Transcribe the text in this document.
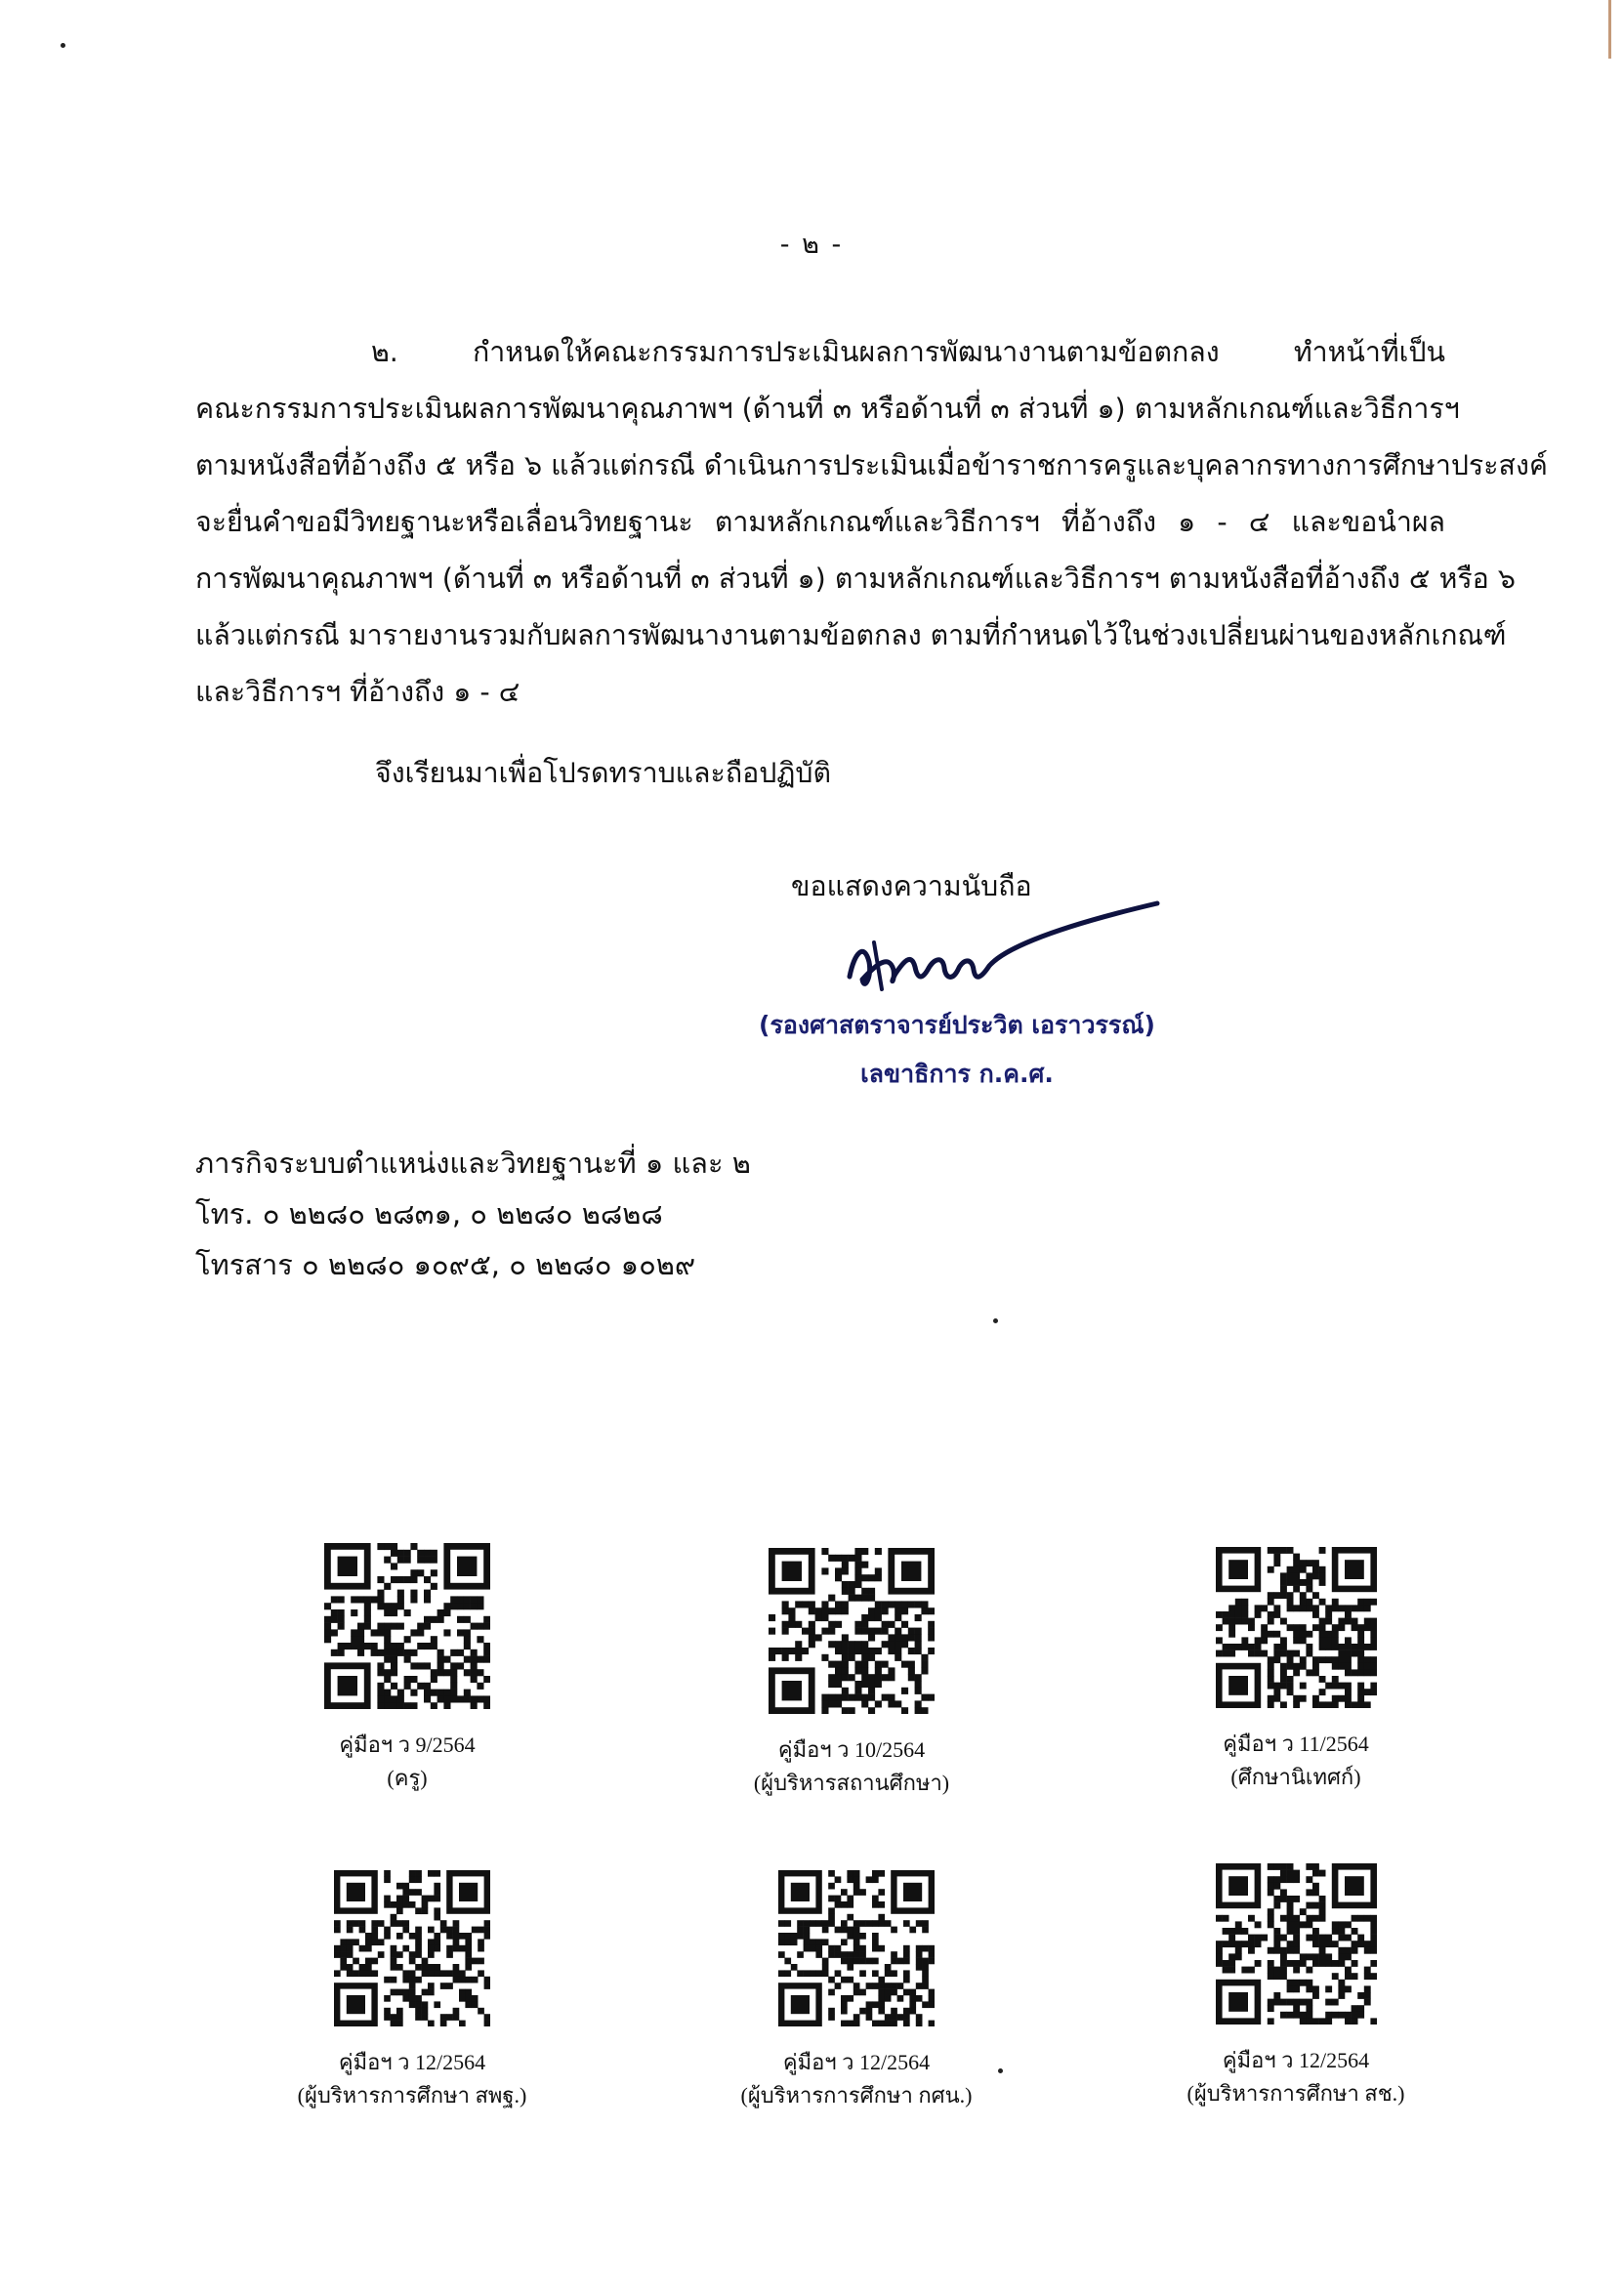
- ๒ -
๒. กำหนดให้คณะกรรมการประเมินผลการพัฒนางานตามข้อตกลง ทำหน้าที่เป็น
คณะกรรมการประเมินผลการพัฒนาคุณภาพฯ (ด้านที่ ๓ หรือด้านที่ ๓ ส่วนที่ ๑) ตามหลักเกณฑ์และวิธีการฯ
ตามหนังสือที่อ้างถึง ๕ หรือ ๖ แล้วแต่กรณี ดำเนินการประเมินเมื่อข้าราชการครูและบุคลากรทางการศึกษาประสงค์
จะยื่นคำขอมีวิทยฐานะหรือเลื่อนวิทยฐานะ ตามหลักเกณฑ์และวิธีการฯ ที่อ้างถึง ๑ - ๔ และขอนำผล
การพัฒนาคุณภาพฯ (ด้านที่ ๓ หรือด้านที่ ๓ ส่วนที่ ๑) ตามหลักเกณฑ์และวิธีการฯ ตามหนังสือที่อ้างถึง ๕ หรือ ๖
แล้วแต่กรณี มารายงานรวมกับผลการพัฒนางานตามข้อตกลง ตามที่กำหนดไว้ในช่วงเปลี่ยนผ่านของหลักเกณฑ์
และวิธีการฯ ที่อ้างถึง ๑ - ๔
จึงเรียนมาเพื่อโปรดทราบและถือปฏิบัติ
ขอแสดงความนับถือ
(รองศาสตราจารย์ประวิต เอราวรรณ์)
เลขาธิการ ก.ค.ศ.
ภารกิจระบบตำแหน่งและวิทยฐานะที่ ๑ และ ๒
โทร. ๐ ๒๒๘๐ ๒๘๓๑, ๐ ๒๒๘๐ ๒๘๒๘
โทรสาร ๐ ๒๒๘๐ ๑๐๙๕, ๐ ๒๒๘๐ ๑๐๒๙
คู่มือฯ ว 9/2564
(ครู)
คู่มือฯ ว 10/2564
(ผู้บริหารสถานศึกษา)
คู่มือฯ ว 11/2564
(ศึกษานิเทศก์)
คู่มือฯ ว 12/2564
(ผู้บริหารการศึกษา สพฐ.)
คู่มือฯ ว 12/2564
(ผู้บริหารการศึกษา กศน.)
คู่มือฯ ว 12/2564
(ผู้บริหารการศึกษา สช.)
